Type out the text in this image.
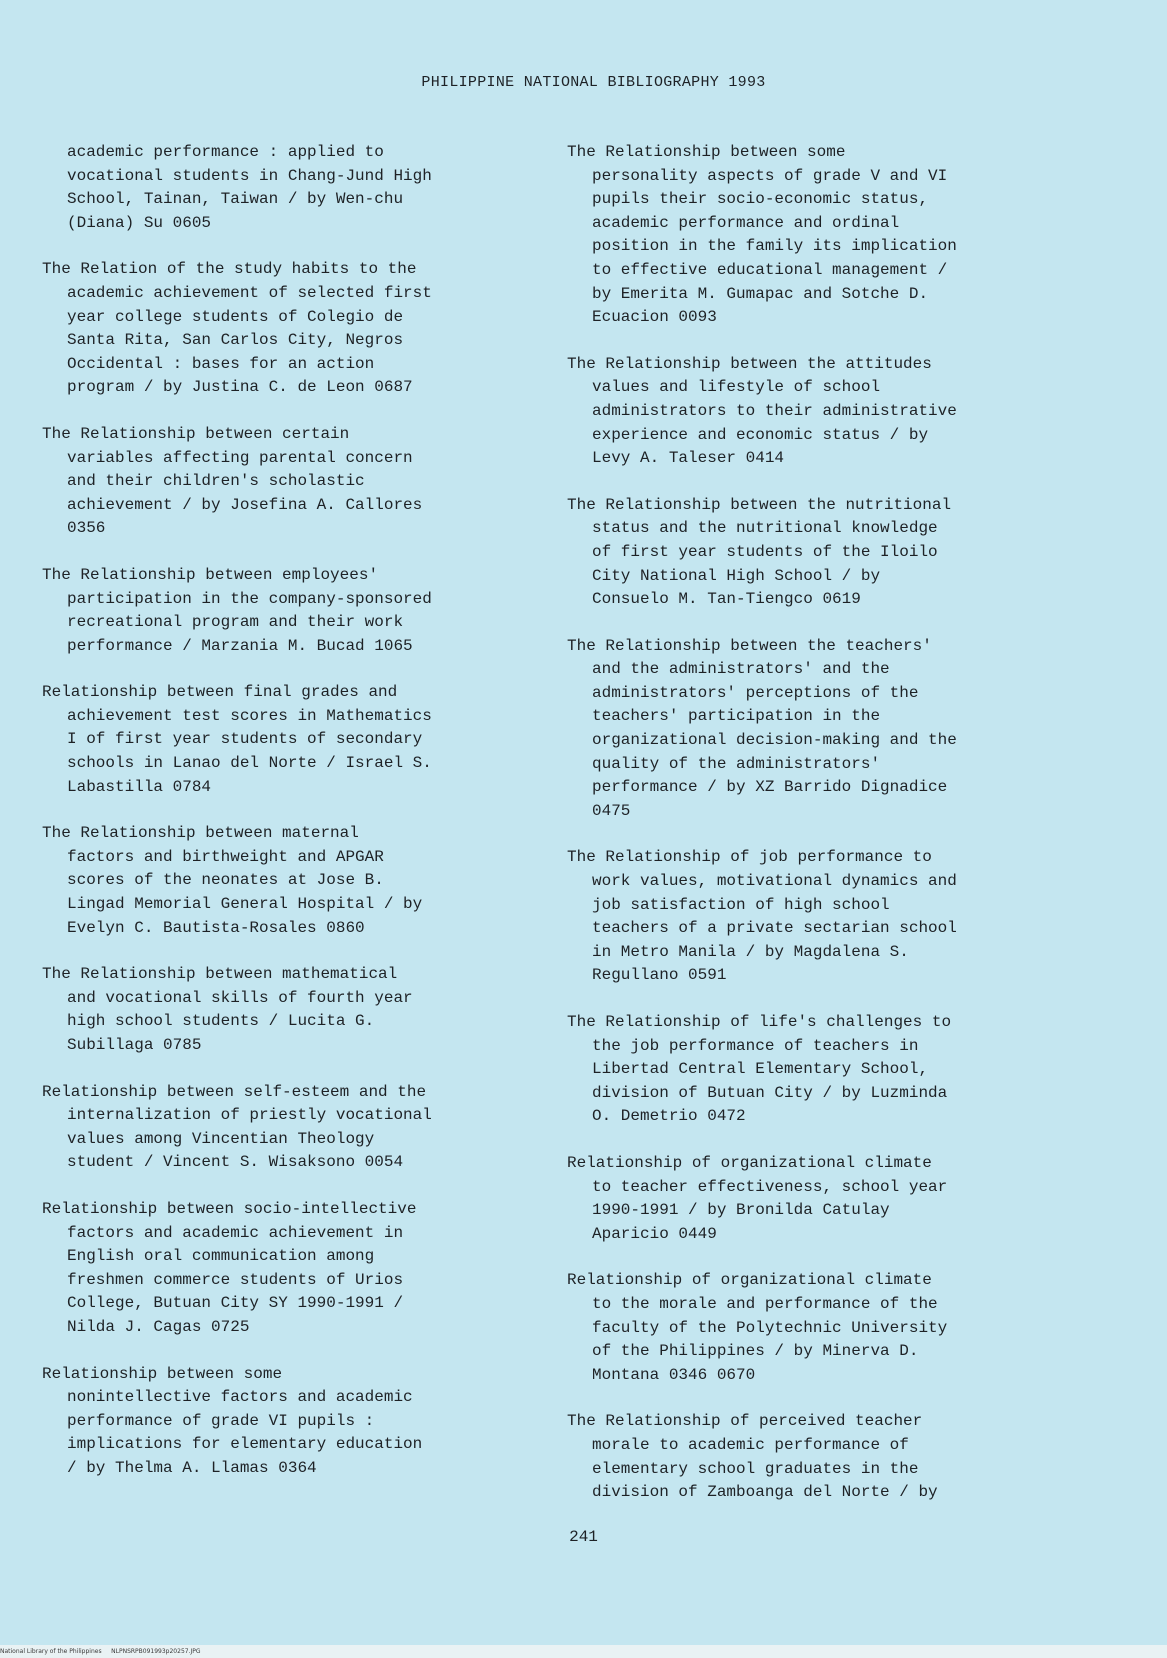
PHILIPPINE NATIONAL BIBLIOGRAPHY 1993

academic performance : applied to
vocational students in Chang-Jund High
School, Tainan, Taiwan / by Wen-chu
(Diana) Su 0605

The Relation of the study habits to the
academic achievement of selected first
year college students of Colegio de
Santa Rita, San Carlos City, Negros
Occidental : bases for an action
program / by Justina C. de Leon 0687

The Relationship between certain
variables affecting parental concern
and their children's scholastic
achievement / by Josefina A. Callores
0356

The Relationship between employees'
participation in the company-sponsored
recreational program and their work
performance / Marzania M. Bucad 1065

Relationship between final grades and
achievement test scores in Mathematics
I of first year students of secondary
schools in Lanao del Norte / Israel S.
Labastilla 0784

The Relationship between maternal
factors and birthweight and APGAR
scores of the neonates at Jose B.
Lingad Memorial General Hospital / by
Evelyn C. Bautista-Rosales 0860

The Relationship between mathematical
and vocational skills of fourth year
high school students / Lucita G.
Subillaga 0785

Relationship between self-esteem and the
internalization of priestly vocational
values among Vincentian Theology
student / Vincent S. Wisaksono 0054

Relationship between socio-intellective
factors and academic achievement in
English oral communication among
freshmen commerce students of Urios
College, Butuan City SY 1990-1991 /
Nilda J. Cagas 0725

Relationship between some
nonintellective factors and academic
performance of grade VI pupils :
implications for elementary education
/ by Thelma A. Llamas 0364

The Relationship between some
personality aspects of grade V and VI
pupils their socio-economic status,
academic performance and ordinal
position in the family its implication
to effective educational management /
by Emerita M. Gumapac and Sotche D.
Ecuacion 0093

The Relationship between the attitudes
values and lifestyle of school
administrators to their administrative
experience and economic status / by
Levy A. Taleser 0414

The Relationship between the nutritional
status and the nutritional knowledge
of first year students of the Iloilo
City National High School / by
Consuelo M. Tan-Tiengco 0619

The Relationship between the teachers'
and the administrators' and the
administrators' perceptions of the
teachers' participation in the
organizational decision-making and the
quality of the administrators'
performance / by XZ Barrido Dignadice
0475

The Relationship of job performance to
work values, motivational dynamics and
job satisfaction of high school
teachers of a private sectarian school
in Metro Manila / by Magdalena S.
Regullano 0591

The Relationship of life's challenges to
the job performance of teachers in
Libertad Central Elementary School,
division of Butuan City / by Luzminda
O. Demetrio 0472

Relationship of organizational climate
to teacher effectiveness, school year
1990-1991 / by Bronilda Catulay
Aparicio 0449

Relationship of organizational climate
to the morale and performance of the
faculty of the Polytechnic University
of the Philippines / by Minerva D.
Montana 0346 0670

The Relationship of perceived teacher
morale to academic performance of
elementary school graduates in the
division of Zamboanga del Norte / by

241
National Library of the Philippines NLPNSRPB091993p20257.JPG
